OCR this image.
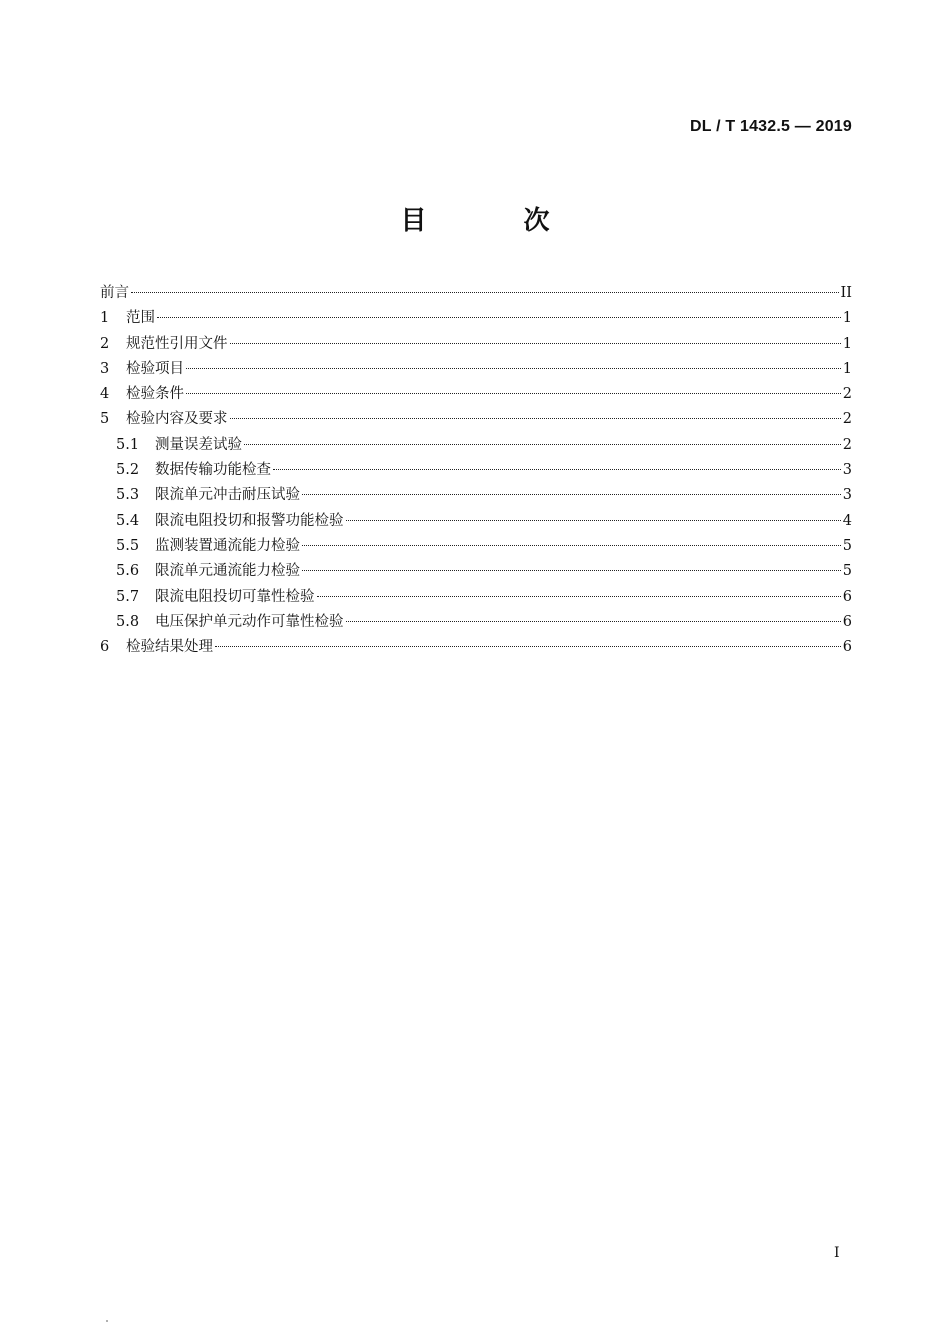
DL / T 1432.5 — 2019
目 次
前言	II
1	范围	1
2	规范性引用文件	1
3	检验项目	1
4	检验条件	2
5	检验内容及要求	2
5.1	测量误差试验	2
5.2	数据传输功能检查	3
5.3	限流单元冲击耐压试验	3
5.4	限流电阻投切和报警功能检验	4
5.5	监测装置通流能力检验	5
5.6	限流单元通流能力检验	5
5.7	限流电阻投切可靠性检验	6
5.8	电压保护单元动作可靠性检验	6
6	检验结果处理	6
I
